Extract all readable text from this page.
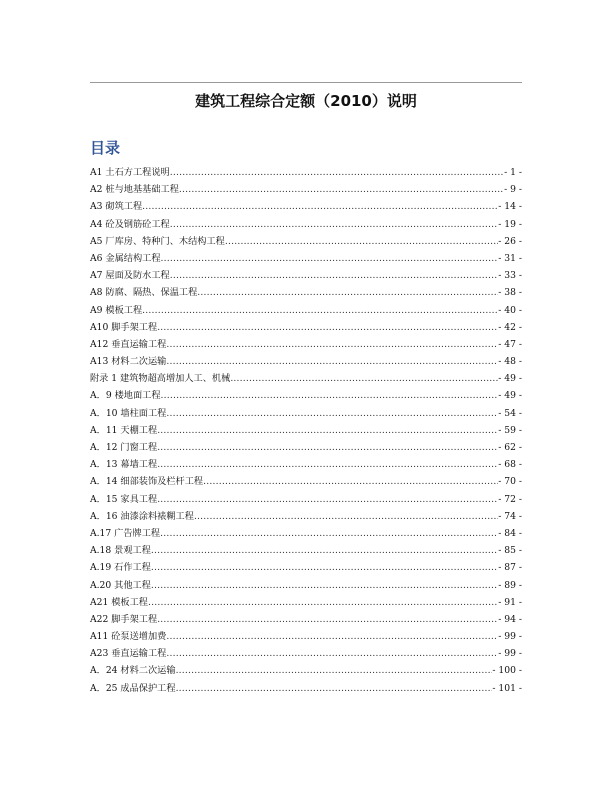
建筑工程综合定额（2010）说明
目录
A1 土石方工程说明 .....	- 1 -
A2 桩与地基基础工程 .....	- 9 -
A3 砌筑工程 .....	- 14 -
A4 砼及钢筋砼工程 .....	- 19 -
A5 厂库房、特种门、木结构工程 .....	- 26 -
A6 金属结构工程 .....	- 31 -
A7 屋面及防水工程 .....	- 33 -
A8 防腐、隔热、保温工程 .....	- 38 -
A9 模板工程 .....	- 40 -
A10 脚手架工程 .....	- 42 -
A12 垂直运输工程 .....	- 47 -
A13 材料二次运输 .....	- 48 -
附录 1 建筑物超高增加人工、机械 .....	- 49 -
A．9 楼地面工程 .....	- 49 -
A．10 墙柱面工程 .....	- 54 -
A．11 天棚工程 .....	- 59 -
A．12 门窗工程 .....	- 62 -
A．13 幕墙工程 .....	- 68 -
A．14 细部装饰及栏杆工程 .....	- 70 -
A．15 家具工程 .....	- 72 -
A．16 油漆涂料裱糊工程 .....	- 74 -
A.17 广告牌工程 .....	- 84 -
A.18 景观工程 .....	- 85 -
A.19 石作工程 .....	- 87 -
A.20 其他工程 .....	- 89 -
A21 模板工程 .....	- 91 -
A22 脚手架工程 .....	- 94 -
A11 砼泵送增加费 .....	- 99 -
A23 垂直运输工程 .....	- 99 -
A．24 材料二次运输 .....	- 100 -
A．25 成品保护工程 .....	- 101 -
